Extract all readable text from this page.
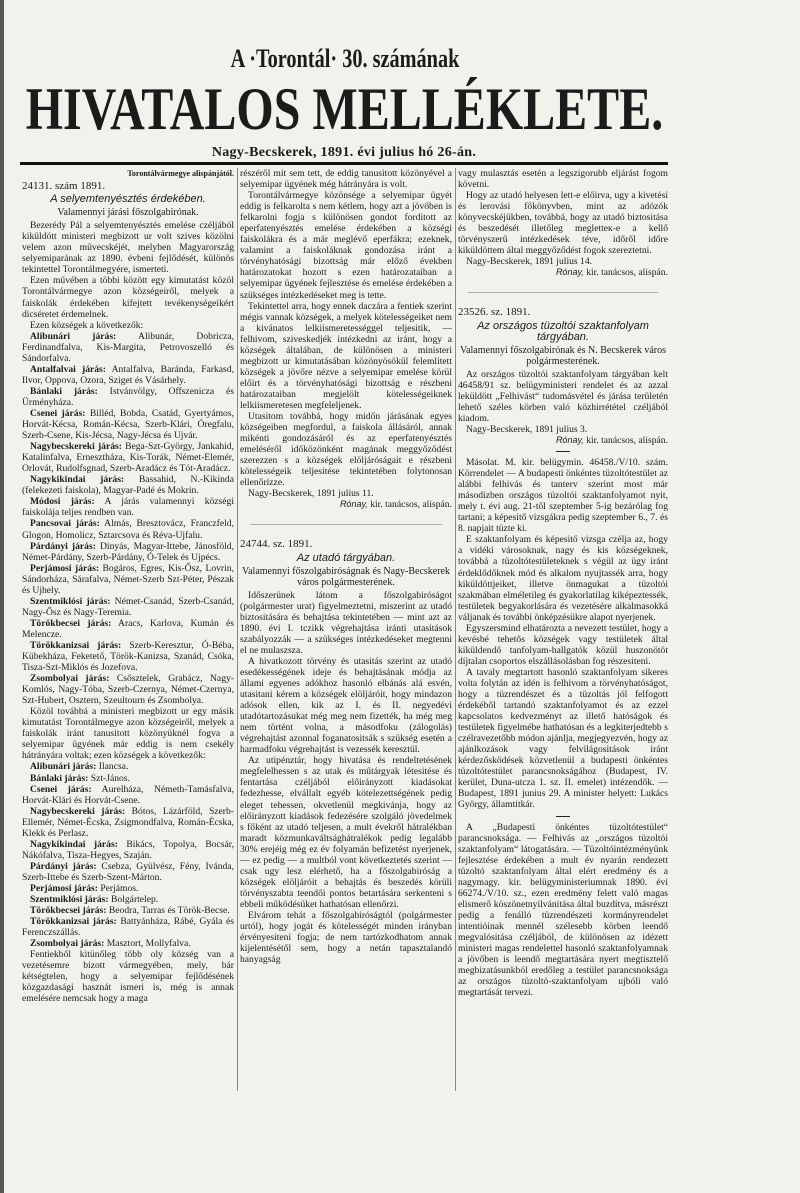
A ·Torontál· 30. számának
HIVATALOS MELLÉKLETE.
Nagy-Becskerek, 1891. évi julius hó 26-án.

Torontálvármegye alispánjától.

24131. szám 1891.

A selyemtenyésztés érdekében.

Valamennyi járási főszolgabirónak.

Bezerédy Pál a selyemtenyésztés emelése czéljából kiküldött ministeri megbizott ur volt szives közölni velem azon művecskéjét, melyben Magyarország selyemiparának az 1890. évbeni fejlődését, különös tekintettel Torontálmegyére, ismerteti.

Ezen művében a többi között egy kimutatást közöl Torontálvármegye azon községeiről, melyek a faiskolák érdekében kifejtett tevékenységeikért dicséretet érdemelnek.

Ezen községek a következők:

Alibunári járás: Alibunár, Dobricza, Ferdinandfalva, Kis-Margita, Petrovoszelló és Sándorfalva.

Antalfalvai járás: Antalfalva, Baránda, Farkasd, Ilvor, Oppova, Ozora, Sziget és Vásárhely.

Bánlaki járás: Istvánvölgy, Offszenicza és Ürményháza.

Csenei járás: Billéd, Bobda, Csatád, Gyertyámos, Horvát-Kécsa, Román-Kécsa, Szerb-Klári, Óregfalu, Szerb-Csene, Kis-Jécsa, Nagy-Jécsa és Ujvár.

Nagybecskereki járás: Bega-Szt-György, Jankahid, Katalinfalva, Ernesztháza, Kis-Torák, Német-Elemér, Orlovát, Rudolfsgnad, Szerb-Aradácz és Tót-Aradácz.

Nagykikindai járás: Bassahid, N.-Kikinda (felekezeti faiskola), Magyar-Padé és Mokrin.

Módosi járás: A járás valamennyi községi faiskolája teljes rendben van.

Pancsovai járás: Almás, Bresztovácz, Franczfeld, Glogon, Homolicz, Sztarcsova és Réva-Ujfalu.

Párdányi járás: Dinyás, Magyar-Ittebe, Jánosföld, Német-Párdány, Szerb-Párdány, Ó-Telek és Ujpécs.

Perjámosi járás: Bogáros, Egres, Kis-Ősz, Lovrin, Sándorháza, Sárafalva, Német-Szerb Szt-Péter, Pészak és Ujhely.

Szentmiklósi járás: Német-Csanád, Szerb-Csanád, Nagy-Ősz és Nagy-Teremia.

Törökbecsei járás: Aracs, Karlova, Kumán és Melencze.

Törökkanizsai járás: Szerb-Keresztur, Ó-Béba, Kübekháza, Feketető, Török-Kanizsa, Szanád, Csóka, Tisza-Szt-Miklós és Jozefova.

Zsombolyai járás: Csősztelek, Grabácz, Nagy-Komlós, Nagy-Tóba, Szerb-Czernya, Német-Czernya, Szt-Hubert, Osztern, Szeultourn és Zsombolya.

Közöl továbbá a ministeri megbizott ur egy másik kimutatást Torontálmegye azon községeiről, melyek a faiskolák iránt tanusitott közönyüknél fogva a selyemipar ügyének már eddig is nem csekély hátrányára voltak; ezen községek a következők:

Alibunári járás: Ilancsa.

Bánlaki járás: Szt-János.

Csenei járás: Aurelháza, Németh-Tamásfalva, Horvát-Klári és Horvát-Csene.

Nagybecskereki járás: Bótos, Lázárföld, Szerb-Ellemér, Német-Écska, Zsigmondfalva, Román-Écska, Klekk és Perlasz.

Nagykikindai járás: Bikács, Topolya, Bocsár, Nákófalva, Tisza-Hegyes, Szaján.

Párdányi járás: Csebza, Gyülvész, Fény, Ivánda, Szerb-Ittebe és Szerb-Szent-Márton.

Perjámosi járás: Perjámos.

Szentmiklósi járás: Bolgártelep.

Törökbecsei járás: Beodra, Tarras és Török-Becse.

Törökkanizsai járás: Battyánháza, Rábé, Gyála és Ferenczszállás.

Zsombolyai járás: Masztort, Mollyfalva.

Fentiekből kitünőleg több oly község van a vezetésemre bizott vármegyében, mely, bár kétségtelen, hogy a selyemipar fejlődésének közgazdasági hasznát ismeri is, még is annak emelésére nemcsak hogy a maga

részéről mit sem tett, de eddig tanusitott közönyével a selyemipar ügyének még hátrányára is volt.

Torontálvármegye közönsége a selyemipar ügyét eddig is felkarolta s nem kétlem, hogy azt a jövőben is felkarolni fogja s különösen gondot forditott az eperfatenyésztés emelése érdekében a községi faiskolákra és a már meglévő eperfákra; ezeknek, valamint a faiskoláknak gondozása iránt a törvényhatósági bizottság már előző években határozatokat hozott s ezen határozataiban a selyemipar ügyének fejlesztése és emelése érdekében a szükséges intézkedéseket meg is tette.

Tekintettel arra, hogy ennek daczára a fentiek szerint mégis vannak községek, a melyek kötelességeiket nem a kivánatos lelkiismeretességgel teljesitik, — felhivom, sziveskedjék intézkedni az iránt, hogy a községek általában, de különösen a ministeri megbizott ur kimutatásában közönyösökül felemlitett községek a jövőre nézve a selyemipar emelése körül előirt és a törvényhatósági bizottság e részbeni határozataiban megjelölt kötelességeiknek lelkiismeretesen megfeleljenek.

Utasitom továbbá, hogy midőn járásának egyes községeiben megfordul, a faiskola állásáról, annak mikénti gondozásáról és az eperfatenyésztés emeléséről időközönként magának meggyőződést szerezzen s a községek elöljáróságait e részbeni kötelességeik teljesitése tekintetében folytonosan ellenőrizze.

Nagy-Becskerek, 1891 julius 11.

Rónay, kir. tanácsos, alispán.

24744. sz. 1891.

Az utadó tárgyában.

Valamennyi főszolgabiróságnak és Nagy-Becskerek város polgármesterének.

Időszerünek látom a főszolgabiróságot (polgármester urat) figyelmeztetni, miszerint az utadó biztositására és behajtása tekintetében — mint azt az 1890. évi I. tczikk végrehajtása iránti utasitások szabályozzák — a szükséges intézkedéseket megtenni el ne mulaszsza.

A hivatkozott törvény és utasitás szerint az utadó esedékességének ideje és behajtásának módja az állami egyenes adókhoz hasonló elbánás alá esvén, utasitani kérem a községek elöljáróit, hogy mindazon adósok ellen, kik az I. és II. negyedévi utadótartozásukat még meg nem fizették, ha még meg nem történt volna, a másodfoku (zálogolás) végrehajtást azonnal foganatositsák s szükség esetén a harmadfoku végrehajtást is vezessék keresztül.

Az utipénztár, hogy hivatása és rendeltetésének megfelelhessen s az utak és műtárgyak létesitése és fentartása czéljából előirányzott kiadásokat fedezhesse, elvállalt egyéb kötelezettségének pedig eleget tehessen, okvetlenül megkivánja, hogy az előirányzott kiadások fedezésére szolgáló jövedelmek s főként az utadó teljesen, a mult évekről hátralékban maradt közmunkaváltsághátralékok pedig legalább 30% erejéig még ez év folyamán befizetést nyerjenek, — ez pedig — a multból vont következtetés szerint — csak ugy lesz elérhető, ha a főszolgabiróság a községek elöljáróit a behajtás és beszedés körüli törvényszabta teendői pontos betartására serkenteni s ebbeli működésüket hathatósan ellenőrzi.

Elvárom tehát a főszolgabiróságtól (polgármester urtól), hogy jogát és kötelességét minden irányban érvényesiteni fogja; de nem tartózkodhatom annak kijelentésétől sem, hogy a netán tapasztalandó hanyagság

vagy mulasztás esetén a legszigorubb eljárást fogom követni.

Hogy az utadó helyesen lett-e előirva, ugy a kivetési és lerovási főkönyvben, mint az adózók könyvecskéjükben, továbbá, hogy az utadó biztositása és beszedését illetőleg megletteк-e a kellő törvényszerű intézkedések téve, időről időre kiküldöttem által meggyőződést fogok szereztetni.

Nagy-Becskerek, 1891 julius 14.

Rónay, kir. tanácsos, alispán.

23526. sz. 1891.

Az országos tüzoltói szaktanfolyam tárgyában.

Valamennyi főszolgabirónak és N. Becskerek város polgármesterének.

Az országos tüzoltói szaktanfolyam tárgyában kelt 46458/91 sz. belügyministeri rendelet és az azzal leküldött „Felhivást“ tudomásvétel és járása területén lehető széles körben való közhirrététel czéljából kiadom.

Nagy-Becskerek, 1891 julius 3.

Rónay, kir. tanácsos, alispán.

Másolat. M. kir. belügymin. 46458./V/10. szám. Körrendelet — A budapesti önkéntes tüzoltótestület az alábbi felhivás és tanterv szerint most már másodizben országos tüzoltói szaktanfolyamot nyit, mely t. évi aug. 21-től szeptember 5-ig bezárólag fog tartani; a képesitő vizsgákra pedig szeptember 6., 7. és 8. napjait tüzte ki.

E szaktanfolyam és képesitő vizsga czélja az, hogy a vidéki városoknak, nagy és kis községeknek, továbbá a tüzoltótestületeknek s végül az ügy iránt érdeklődőknek mód és alkalom nyujtassék arra, hogy kiküldöttjeiket, illetve önmagukat a tüzoltói szakmában elméletileg és gyakorlatilag kiképeztessék, testületek begyakorlására és vezetésére alkalmasokká váljanak és további önképzésükre alapot nyerjenek.

Egyszersmind elhatározta a nevezett testület, hogy a kevésbé tehetős községek vagy testületek által kiküldendő tanfolyam-hallgatók közül huszonötöt díjtalan csoportos elszállásolásban fog részesiteni.

A tavaly megtartott hasonló szaktanfolyam sikeres volta folytán az idén is felhivom a törvényhatóságot, hogy a tüzrendészet és a tüzoltás jól felfogott érdekéből tartandó szaktanfolyamot és az ezzel kapcsolatos kedvezményt az illető hatóságok és testületek figyelmébe hathatósan és a legkiterjedtebb s czélravezetőbb módon ajánlja, megjegyezvén, hogy az ajánlkozások vagy felvilágositások iránt kérdezősködések közvetlenül a budapesti önkéntes tüzoltótestület parancsnokságához (Budapest, IV. kerület, Duna-utcza 1. sz. II. emelet) intézendők. — Budapest, 1891 junius 29. A minister helyett: Lukács György, államtitkár.

A „Budapesti önkéntes tüzoltótestület“ parancsnoksága. — Felhivás az „országos tüzoltói szaktanfolyam“ látogatására. — Tüzoltóintézményünk fejlesztése érdekében a mult év nyarán rendezett tüzoltó szaktanfolyam által elért eredmény és a nagymagy. kir. belügyministeriumnak 1890. évi 66274./V/10. sz., ezen eredmény felett való magas elismerő köszönetnyilvánitása által buzdítva, másrészt pedig a fenálló tüzrendészeti kormányrendelet intentióinak mennél szélesebb körben leendő megvalósitása czéljából, de különösen az idézett ministeri magas rendelettel hasonló szaktanfolyamnak a jövőben is leendő megtartására nyert megtisztelő megbizatásunkból eredőleg a testület parancsnoksága az országos tüzoltó-szaktanfolyam ujbóli való megtartását tervezi.
